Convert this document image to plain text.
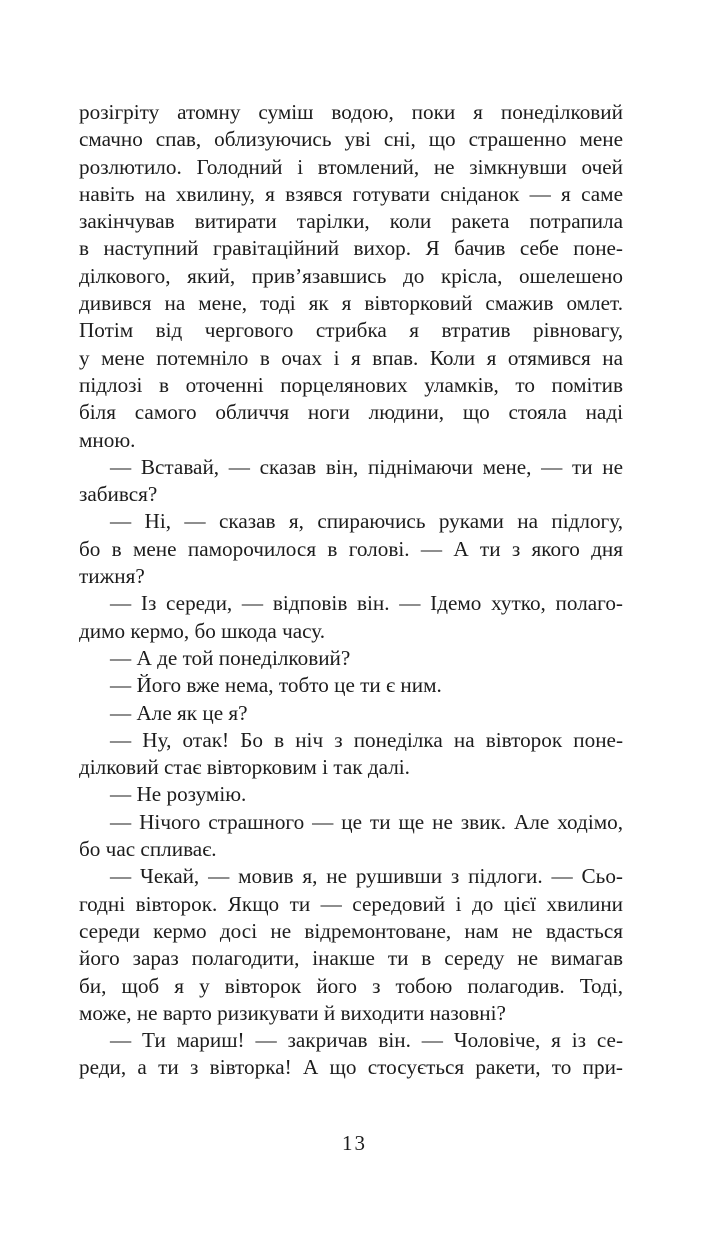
розігріту атомну суміш водою, поки я понеділковий
смачно спав, облизуючись уві сні, що страшенно мене
розлютило. Голодний і втомлений, не зімкнувши очей
навіть на хвилину, я взявся готувати сніданок — я саме
закінчував витирати тарілки, коли ракета потрапила
в наступний гравітаційний вихор. Я бачив себе поне-
ділкового, який, прив’язавшись до крісла, ошелешено
дивився на мене, тоді як я вівторковий смажив омлет.
Потім від чергового стрибка я втратив рівновагу,
у мене потемніло в очах і я впав. Коли я отямився на
підлозі в оточенні порцелянових уламків, то помітив
біля самого обличчя ноги людини, що стояла наді
мною.
— Вставай, — сказав він, піднімаючи мене, — ти не
забився?
— Ні, — сказав я, спираючись руками на підлогу,
бо в мене паморочилося в голові. — А ти з якого дня
тижня?
— Із середи, — відповів він. — Ідемо хутко, полаго-
димо кермо, бо шкода часу.
— А де той понеділковий?
— Його вже нема, тобто це ти є ним.
— Але як це я?
— Ну, отак! Бо в ніч з понеділка на вівторок поне-
ділковий стає вівторковим і так далі.
— Не розумію.
— Нічого страшного — це ти ще не звик. Але ходімо,
бо час спливає.
— Чекай, — мовив я, не рушивши з підлоги. — Сьо-
годні вівторок. Якщо ти — середовий і до цієї хвилини
середи кермо досі не відремонтоване, нам не вдасться
його зараз полагодити, інакше ти в середу не вимагав
би, щоб я у вівторок його з тобою полагодив. Тоді,
може, не варто ризикувати й виходити назовні?
— Ти мариш! — закричав він. — Чоловіче, я із се-
реди, а ти з вівторка! А що стосується ракети, то при-
13
